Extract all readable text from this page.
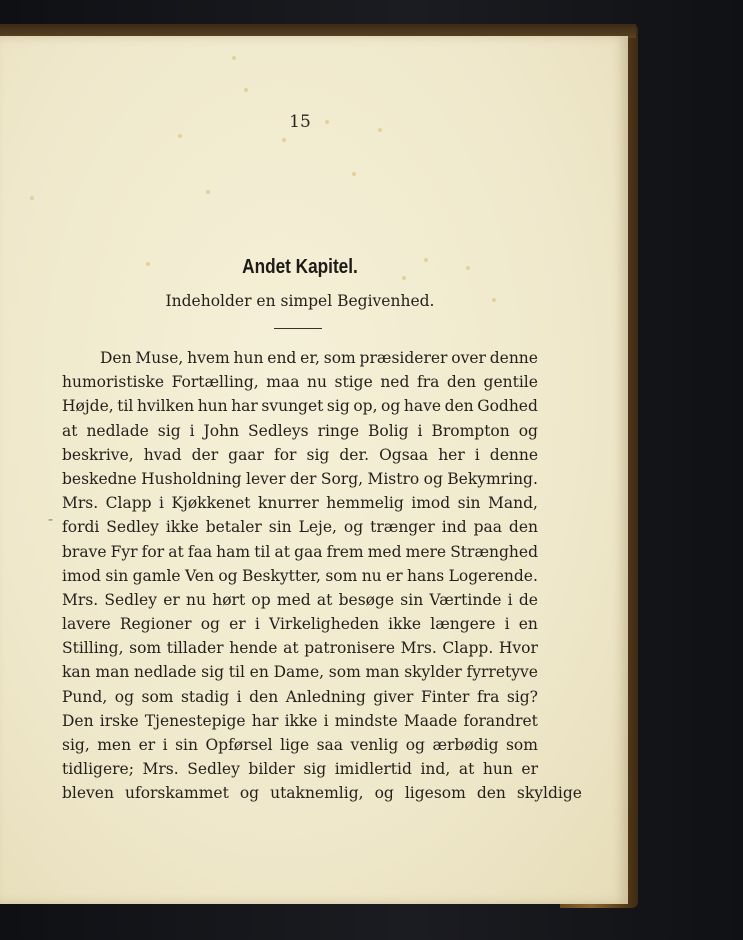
15

Andet Kapitel.

Indeholder en simpel Begivenhed.

-
Den Muse, hvem hun end er, som præsiderer over denne
humoristiske Fortælling, maa nu stige ned fra den gentile
Højde, til hvilken hun har svunget sig op, og have den Godhed
at nedlade sig i John Sedleys ringe Bolig i Brompton og
beskrive, hvad der gaar for sig der. Ogsaa her i denne
beskedne Husholdning lever der Sorg, Mistro og Bekymring.
Mrs. Clapp i Kjøkkenet knurrer hemmelig imod sin Mand,
fordi Sedley ikke betaler sin Leje, og trænger ind paa den
brave Fyr for at faa ham til at gaa frem med mere Strænghed
imod sin gamle Ven og Beskytter, som nu er hans Logerende.
Mrs. Sedley er nu hørt op med at besøge sin Værtinde i de
lavere Regioner og er i Virkeligheden ikke længere i en
Stilling, som tillader hende at patronisere Mrs. Clapp. Hvor
kan man nedlade sig til en Dame, som man skylder fyrretyve
Pund, og som stadig i den Anledning giver Finter fra sig?
Den irske Tjenestepige har ikke i mindste Maade forandret
sig, men er i sin Opførsel lige saa venlig og ærbødig som
tidligere; Mrs. Sedley bilder sig imidlertid ind, at hun er
bleven uforskammet og utaknemlig, og ligesom den skyldige
